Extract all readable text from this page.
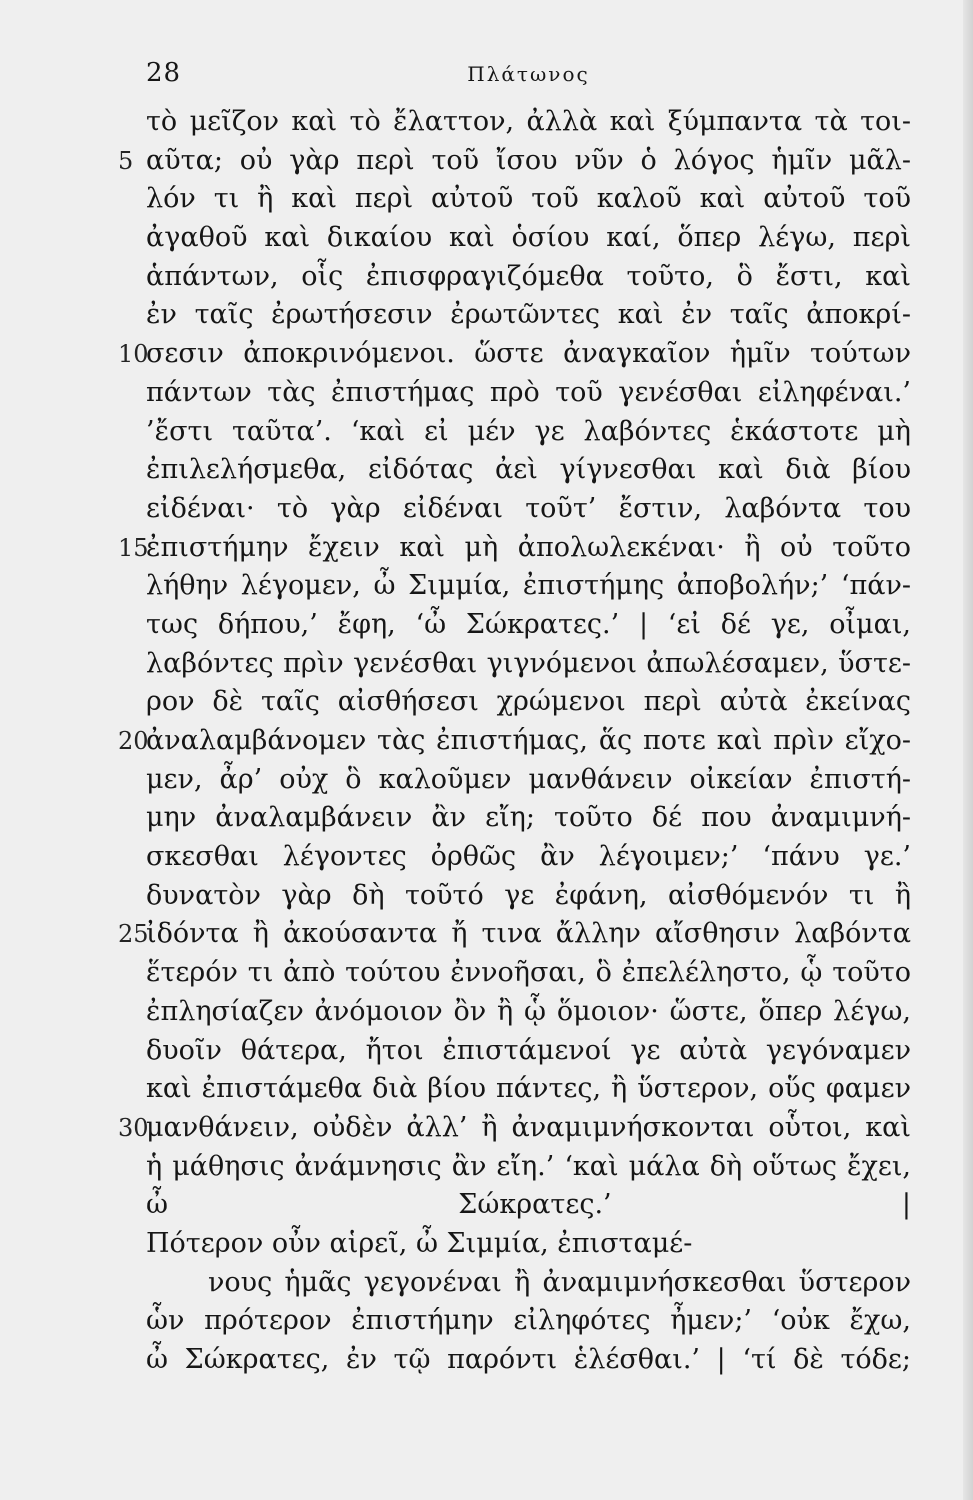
28	Πλάτωνος
τὸ μεῖζον καὶ τὸ ἔλαττον, ἀλλὰ καὶ ξύμπαντα τὰ τοι-
5 αῦτα; οὐ γὰρ περὶ τοῦ ἴσου νῦν ὁ λόγος ἡμῖν μᾶλ-
λόν τι ἢ καὶ περὶ αὐτοῦ τοῦ καλοῦ καὶ αὐτοῦ τοῦ
ἀγαθοῦ καὶ δικαίου καὶ ὁσίου καί, ὅπερ λέγω, περὶ
ἁπάντων, οἷς ἐπισφραγιζόμεθα τοῦτο, ὃ ἔστι, καὶ
ἐν ταῖς ἐρωτήσεσιν ἐρωτῶντες καὶ ἐν ταῖς ἀποκρί-
10
σεσιν ἀποκρινόμενοι. ὥστε ἀναγκαῖον ἡμῖν τούτων
πάντων τὰς ἐπιστήμας πρὸ τοῦ γενέσθαι εἰληφέναι.’
’ἔστι ταῦτα’. ‘καὶ εἰ μέν γε λαβόντες ἑκάστοτε μὴ
ἐπιλελήσμεθα, εἰδότας ἀεὶ γίγνεσθαι καὶ διὰ βίου
εἰδέναι· τὸ γὰρ εἰδέναι τοῦτ’ ἔστιν, λαβόντα του
15
ἐπιστήμην ἔχειν καὶ μὴ ἀπολωλεκέναι· ἢ οὐ τοῦτο
λήθην λέγομεν, ὦ Σιμμία, ἐπιστήμης ἀποβολήν;’ ‘πάν-
τως δήπου,’ ἔφη, ‘ὦ Σώκρατες.’ | ‘εἰ δέ γε, οἶμαι,
λαβόντες πρὶν γενέσθαι γιγνόμενοι ἀπωλέσαμεν, ὕστε-
ρον δὲ ταῖς αἰσθήσεσι χρώμενοι περὶ αὐτὰ ἐκείνας
20
ἀναλαμβάνομεν τὰς ἐπιστήμας, ἅς ποτε καὶ πρὶν εἴχο-
μεν, ἆρ’ οὐχ ὃ καλοῦμεν μανθάνειν οἰκείαν ἐπιστή-
μην ἀναλαμβάνειν ἂν εἴη; τοῦτο δέ που ἀναμιμνή-
σκεσθαι λέγοντες ὀρθῶς ἂν λέγοιμεν;’ ‘πάνυ γε.’
δυνατὸν γὰρ δὴ τοῦτό γε ἐφάνη, αἰσθόμενόν τι ἢ
25
ἰδόντα ἢ ἀκούσαντα ἤ τινα ἄλλην αἴσθησιν λαβόντα
ἕτερόν τι ἀπὸ τούτου ἐννοῆσαι, ὃ ἐπελέληστο, ᾧ τοῦτο
ἐπλησίαζεν ἀνόμοιον ὂν ἢ ᾧ ὅμοιον· ὥστε, ὅπερ λέγω,
δυοῖν θάτερα, ἤτοι ἐπιστάμενοί γε αὐτὰ γεγόναμεν
καὶ ἐπιστάμεθα διὰ βίου πάντες, ἢ ὕστερον, οὕς φαμεν
30
μανθάνειν, οὐδὲν ἀλλ’ ἢ ἀναμιμνήσκονται οὗτοι, καὶ
ἡ μάθησις ἀνάμνησις ἂν εἴη.’ ‘καὶ μάλα δὴ οὕτως ἔχει,
ὦ Σώκρατες.’ |
Πότερον οὖν αἱρεῖ, ὦ Σιμμία, ἐπισταμέ-
νους ἡμᾶς γεγονέναι ἢ ἀναμιμνήσκεσθαι ὕστερον
ὧν πρότερον ἐπιστήμην εἰληφότες ἦμεν;’ ‘οὐκ ἔχω,
ὦ Σώκρατες, ἐν τῷ παρόντι ἑλέσθαι.’ | ‘τί δὲ τόδε;
